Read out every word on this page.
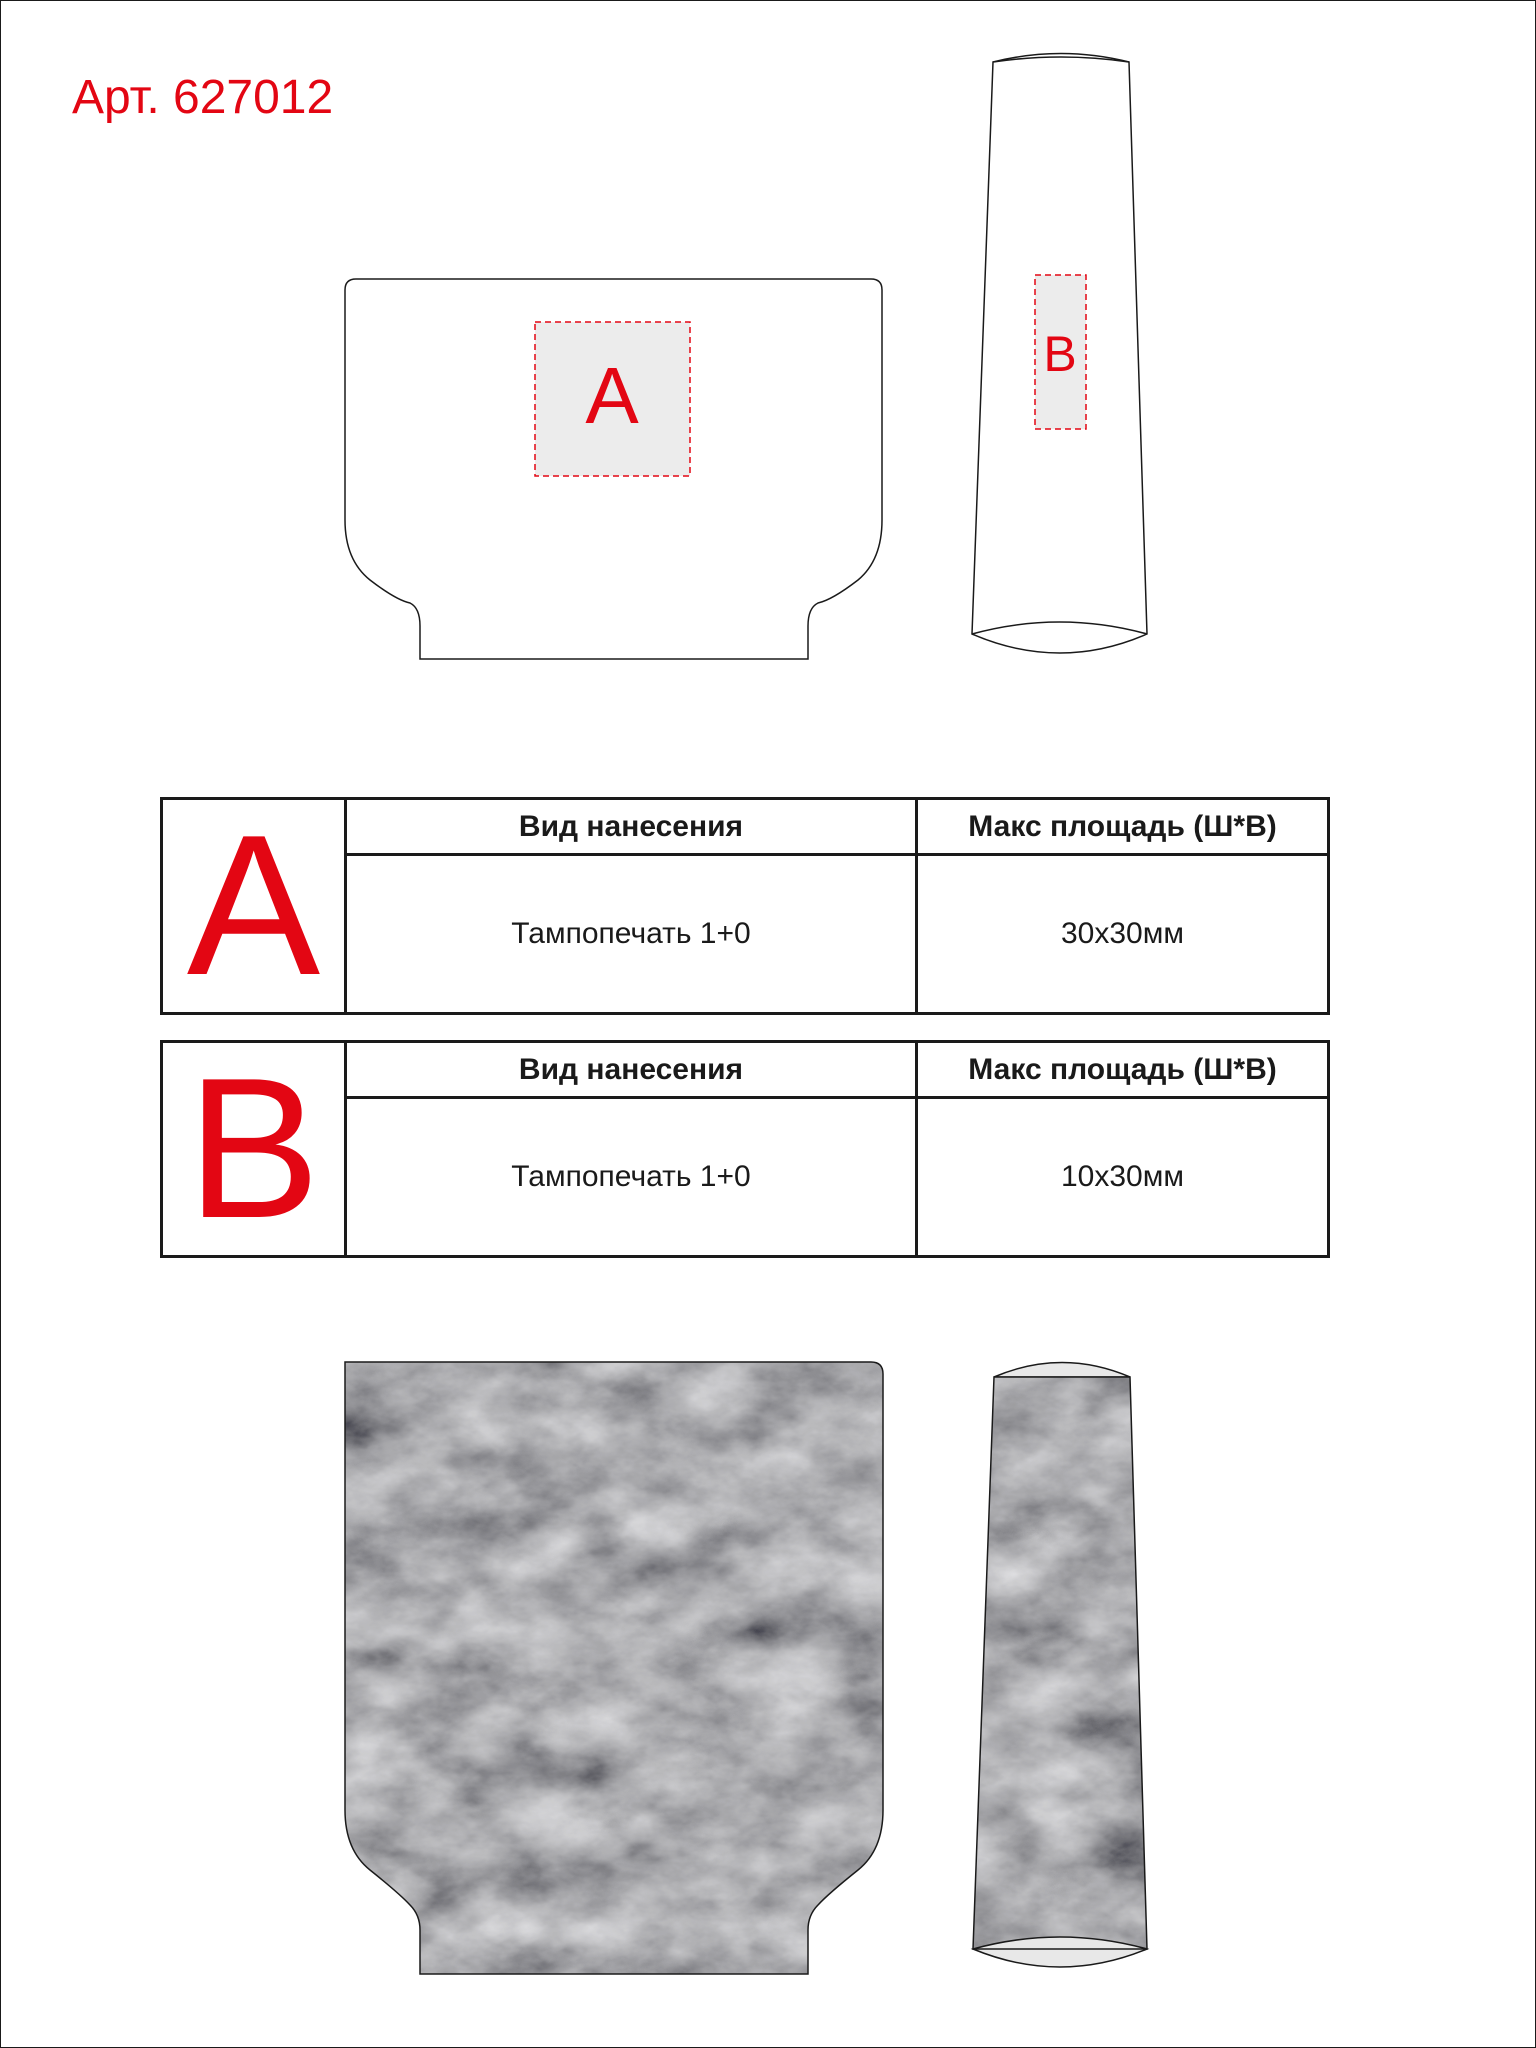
Арт. 627012
A	B
A	Вид нанесения	Макс площадь (Ш*В)
Тампопечать 1+0	30х30мм
B	Вид нанесения	Макс площадь (Ш*В)
Тампопечать 1+0	10х30мм
